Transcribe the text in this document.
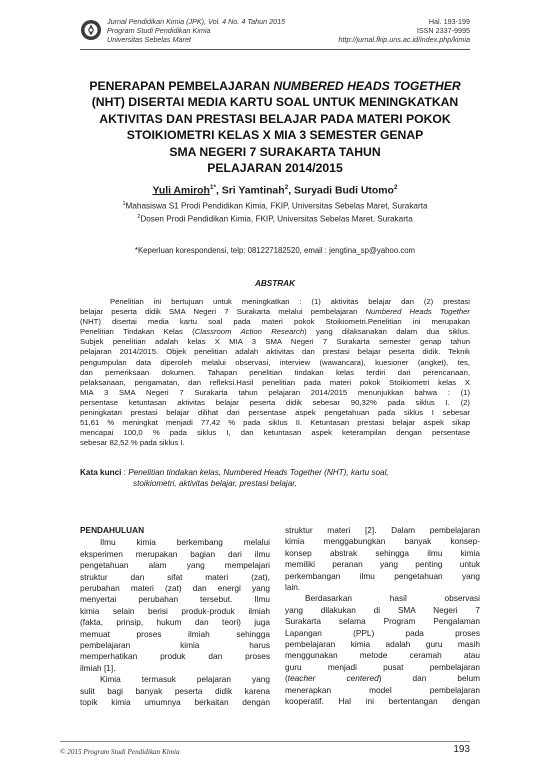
Jurnal Pendidikan Kimia (JPK), Vol. 4 No. 4 Tahun 2015
Program Studi Pendidikan Kimia
Universitas Sebelas Maret
Hal. 193-199
ISSN 2337-9995
http://jurnal.fkip.uns.ac.id/index.php/kimia
PENERAPAN PEMBELAJARAN NUMBERED HEADS TOGETHER
(NHT) DISERTAI MEDIA KARTU SOAL UNTUK MENINGKATKAN
AKTIVITAS DAN PRESTASI BELAJAR PADA MATERI POKOK
STOIKIOMETRI KELAS X MIA 3 SEMESTER GENAP
SMA NEGERI 7 SURAKARTA TAHUN
PELAJARAN 2014/2015
Yuli Amiroh$^{1*}$, Sri Yamtinah$^2$, Suryadi Budi Utomo$^2$
$^1$Mahasiswa S1 Prodi Pendidikan Kimia, FKIP, Universitas Sebelas Maret, Surakarta
$^2$Dosen Prodi Pendidikan Kimia, FKIP, Universitas Sebelas Maret, Surakarta
*Keperluan korespondensi, telp: 081227182520, email : jengtina_sp@yahoo.com
ABSTRAK
Penelitian ini bertujuan untuk meningkatkan : (1) aktivitas belajar dan (2) prestasi
belajar peserta didik SMA Negeri 7 Surakarta melalui pembelajaran Numbered Heads Together
(NHT) disertai media kartu soal pada materi pokok Stoikiometri.Penelitian ini merupakan
Penelitian Tindakan Kelas (Classroom Action Research) yang dilaksanakan dalam dua siklus.
Subjek penelitian adalah kelas X MIA 3 SMA Negeri 7 Surakarta semester genap tahun
pelajaran 2014/2015. Objek penelitian adalah aktivitas dan prestasi belajar peserta didik. Teknik
pengumpulan data diperoleh melalui observasi, interview (wawancara), kuesioner (angket), tes,
dan pemeriksaan dokumen. Tahapan penelitian tindakan kelas terdiri dari perencanaan,
pelaksanaan, pengamatan, dan refleksi.Hasil penelitian pada materi pokok Stoikiometri kelas X
MIA 3 SMA Negeri 7 Surakarta tahun pelajaran 2014/2015 menunjukkan bahwa : (1)
persentase ketuntasan aktivitas belajar peserta didik sebesar 90,32% pada siklus I. (2)
peningkatan prestasi belajar dilihat dari persentase aspek pengetahuan pada siklus I sebesar
51,61 % meningkat menjadi 77,42 % pada siklus II. Ketuntasan prestasi belajar aspek sikap
mencapai 100,0 % pada siklus I, dan ketuntasan aspek keterampilan dengan persentase
sebesar 82,52 % pada siklus I.
Kata kunci : Penelitian tindakan kelas, Numbered Heads Together (NHT), kartu soal,
stoikiometri, aktivitas belajar, prestasi belajar,
PENDAHULUAN
Ilmu kimia berkembang melalui
eksperimen merupakan bagian dari ilmu
pengetahuan alam yang mempelajari
struktur dan sifat materi (zat),
perubahan materi (zat) dan energi yang
menyertai perubahan tersebut. Ilmu
kimia selain berisi produk-produk ilmiah
(fakta, prinsip, hukum dan teori) juga
memuat proses ilmiah sehingga
pembelajaran kimia harus
memperhatikan produk dan proses
ilmiah [1].
Kimia termasuk pelajaran yang
sulit bagi banyak peserta didik karena
topik kimia umumnya berkaitan dengan
struktur materi [2]. Dalam pembelajaran
kimia menggabungkan banyak konsep-
konsep abstrak sehingga ilmu kimia
memiliki peranan yang penting untuk
perkembangan ilmu pengetahuan yang
lain.
Berdasarkan hasil observasi
yang dilakukan di SMA Negeri 7
Surakarta selama Program Pengalaman
Lapangan (PPL) pada proses
pembelajaran kimia adalah guru masih
menggunakan metode ceramah atau
guru menjadi pusat pembelajaran
(teacher centered) dan belum
menerapkan model pembelajaran
kooperatif. Hal ini bertentangan dengan
© 2015 Program Studi Pendidikan Kimia	193
